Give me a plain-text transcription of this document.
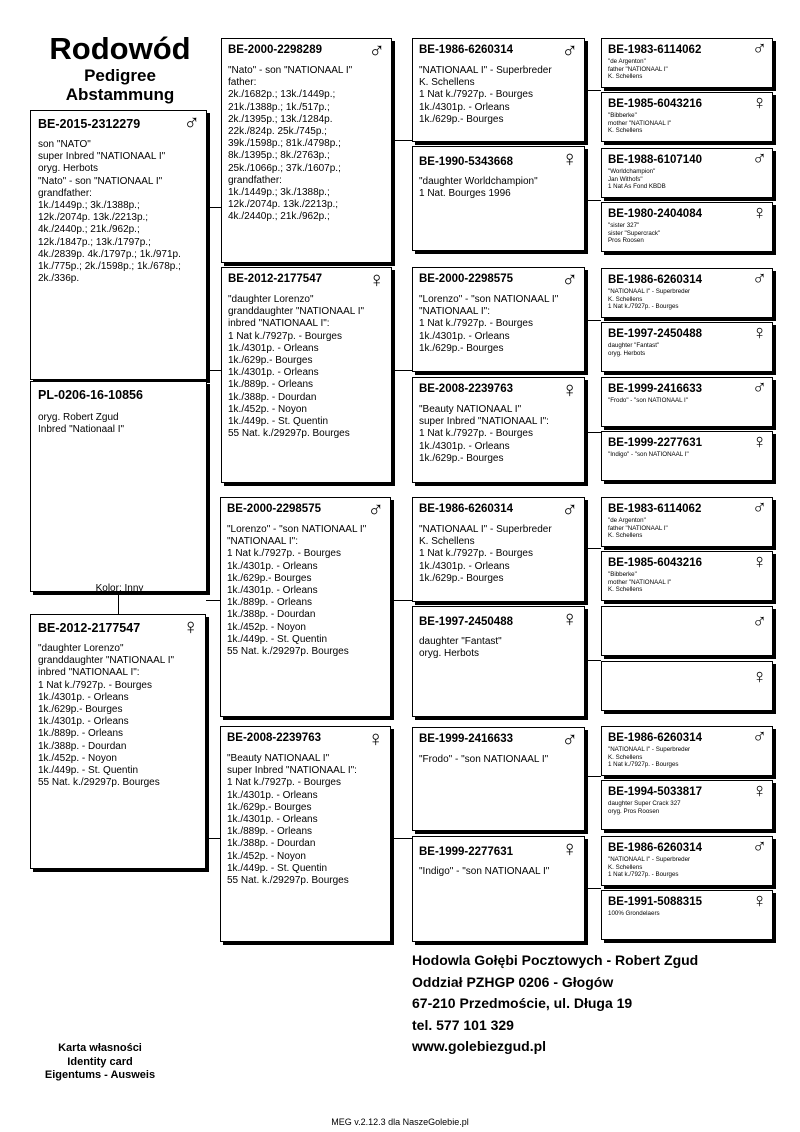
Rodowód
Pedigree
Abstammung
BE-2015-2312279 ♂
son "NATO"
super Inbred "NATIONAAL I"
oryg. Herbots
"Nato" - son "NATIONAAL I"
grandfather:
1k./1449p.; 3k./1388p.;
12k./2074p. 13k./2213p.;
4k./2440p.; 21k./962p.;
12k./1847p.; 13k./1797p.;
4k./2839p. 4k./1797p.; 1k./971p.
1k./775p.; 2k./1598p.; 1k./678p.;
2k./336p.
PL-0206-16-10856
oryg. Robert Zgud
Inbred "Nationaal I"
Kolor: Inny
BE-2012-2177547 ♀
"daughter Lorenzo"
granddaughter "NATIONAAL I"
inbred "NATIONAAL I":
1 Nat k./7927p. - Bourges
1k./4301p. - Orleans
1k./629p.- Bourges
1k./4301p. - Orleans
1k./889p. - Orleans
1k./388p. - Dourdan
1k./452p. - Noyon
1k./449p. - St. Quentin
55 Nat. k./29297p. Bourges
BE-2000-2298289 ♂
"Nato" - son "NATIONAAL I"
father:
2k./1682p.; 13k./1449p.;
21k./1388p.; 1k./517p.;
2k./1395p.; 13k./1284p.
22k./824p. 25k./745p.;
39k./1598p.; 81k./4798p.;
8k./1395p.; 8k./2763p.;
25k./1066p.; 37k./1607p.;
grandfather:
1k./1449p.; 3k./1388p.;
12k./2074p. 13k./2213p.;
4k./2440p.; 21k./962p.;
BE-2012-2177547 ♀
"daughter Lorenzo"
granddaughter "NATIONAAL I"
inbred "NATIONAAL I":
1 Nat k./7927p. - Bourges
1k./4301p. - Orleans
1k./629p.- Bourges
1k./4301p. - Orleans
1k./889p. - Orleans
1k./388p. - Dourdan
1k./452p. - Noyon
1k./449p. - St. Quentin
55 Nat. k./29297p. Bourges
BE-2000-2298575 ♂
"Lorenzo" - "son NATIONAAL I"
"NATIONAAL I":
1 Nat k./7927p. - Bourges
1k./4301p. - Orleans
1k./629p.- Bourges
1k./4301p. - Orleans
1k./889p. - Orleans
1k./388p. - Dourdan
1k./452p. - Noyon
1k./449p. - St. Quentin
55 Nat. k./29297p. Bourges
BE-2008-2239763 ♀
"Beauty NATIONAAL I"
super Inbred "NATIONAAL I":
1 Nat k./7927p. - Bourges
1k./4301p. - Orleans
1k./629p.- Bourges
1k./4301p. - Orleans
1k./889p. - Orleans
1k./388p. - Dourdan
1k./452p. - Noyon
1k./449p. - St. Quentin
55 Nat. k./29297p. Bourges
BE-1986-6260314 ♂
"NATIONAAL I" - Superbreder
K. Schellens
1 Nat k./7927p. - Bourges
1k./4301p. - Orleans
1k./629p.- Bourges
BE-1990-5343668 ♀
"daughter Worldchampion"
1 Nat. Bourges 1996
BE-2000-2298575 ♂
"Lorenzo" - "son NATIONAAL I"
"NATIONAAL I":
1 Nat k./7927p. - Bourges
1k./4301p. - Orleans
1k./629p.- Bourges
BE-2008-2239763 ♀
"Beauty NATIONAAL I"
super Inbred "NATIONAAL I":
1 Nat k./7927p. - Bourges
1k./4301p. - Orleans
1k./629p.- Bourges
BE-1986-6260314 ♂
"NATIONAAL I" - Superbreder
K. Schellens
1 Nat k./7927p. - Bourges
1k./4301p. - Orleans
1k./629p.- Bourges
BE-1997-2450488 ♀
daughter "Fantast"
oryg. Herbots
BE-1999-2416633 ♂
"Frodo" - "son NATIONAAL I"
BE-1999-2277631 ♀
"Indigo" - "son NATIONAAL I"
BE-1983-6114062	♂
"de Argenton"
father "NATIONAAL I"
K. Schellens
BE-1985-6043216	♀
"Bibberke"
mother "NATIONAAL I"
K. Schellens
BE-1988-6107140	♂
"Worldchampion"
Jan Withofs"
1 Nat As Fond KBDB
BE-1980-2404084	♀
"sister 327"
sister "Supercrack"
Pros Roosen
BE-1986-6260314	♂
"NATIONAAL I" - Superbreder
K. Schellens
1 Nat k./7927p. - Bourges
BE-1997-2450488	♀
daughter "Fantast"
oryg. Herbots
BE-1999-2416633	♂
"Frodo" - "son NATIONAAL I"
BE-1999-2277631	♀
"Indigo" - "son NATIONAAL I"
BE-1983-6114062	♂
"de Argenton"
father "NATIONAAL I"
K. Schellens
BE-1985-6043216	♀
"Bibberke"
mother "NATIONAAL I"
K. Schellens
♂
♀
BE-1986-6260314	♂
"NATIONAAL I" - Superbreder
K. Schellens
1 Nat k./7927p. - Bourges
BE-1994-5033817	♀
daughter Super Crack 327
oryg. Pros Roosen
BE-1986-6260314	♂
"NATIONAAL I" - Superbreder
K. Schellens
1 Nat k./7927p. - Bourges
BE-1991-5088315	♀
100% Grondelaers
Hodowla Gołębi Pocztowych - Robert Zgud
Oddział PZHGP 0206 - Głogów
67-210 Przedmoście, ul. Długa 19
tel. 577 101 329
www.golebiezgud.pl
Karta własności
Identity card
Eigentums - Ausweis
MEG v.2.12.3 dla NaszeGolebie.pl
